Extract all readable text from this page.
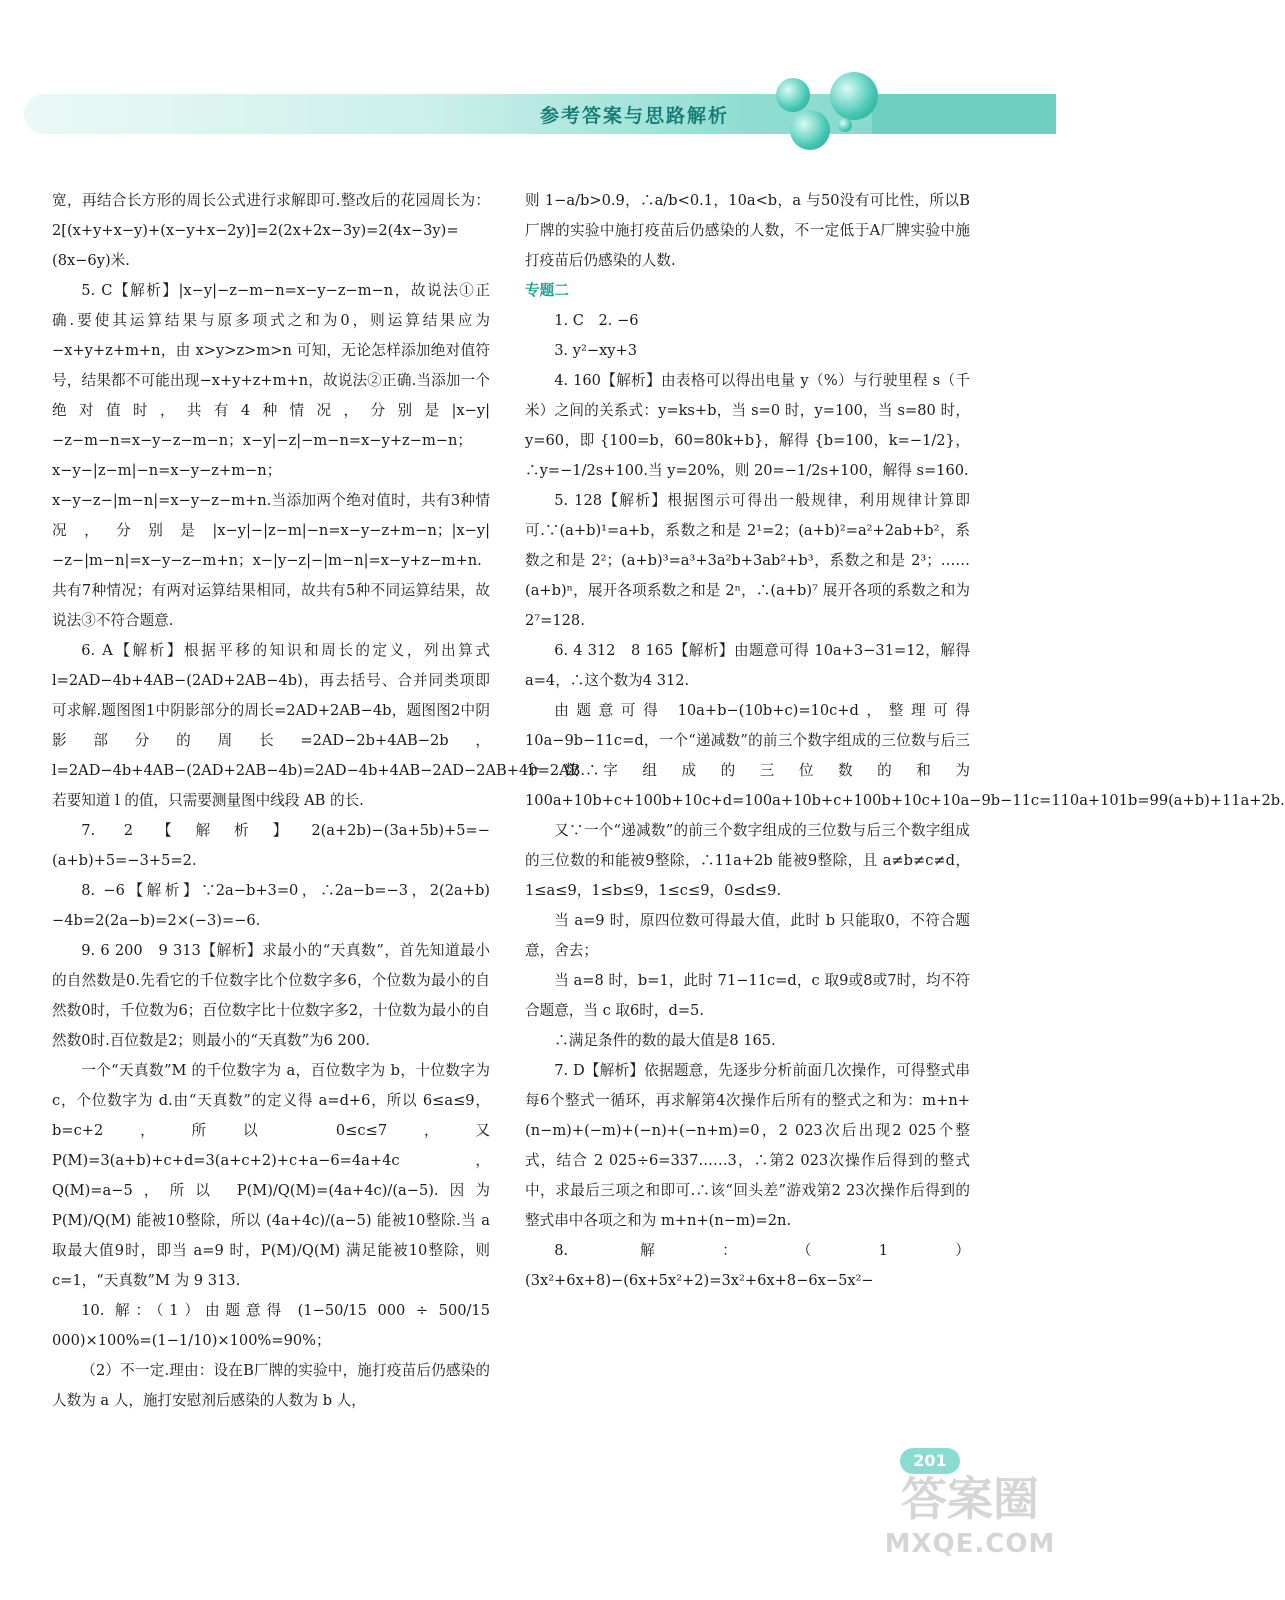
参考答案与思路解析

宽，再结合长方形的周长公式进行求解即可.整改后的花园周长为：2[(x+y+x−y)+(x−y+x−2y)]=2(2x+2x−3y)=2(4x−3y)=(8x−6y)米.

5. C【解析】|x−y|−z−m−n=x−y−z−m−n，故说法①正确.要使其运算结果与原多项式之和为0，则运算结果应为−x+y+z+m+n，由 x>y>z>m>n 可知，无论怎样添加绝对值符号，结果都不可能出现−x+y+z+m+n，故说法②正确.当添加一个绝对值时，共有4种情况，分别是|x−y|−z−m−n=x−y−z−m−n；x−y|−z|−m−n=x−y+z−m−n；x−y−|z−m|−n=x−y−z+m−n；x−y−z−|m−n|=x−y−z−m+n.当添加两个绝对值时，共有3种情况，分别是|x−y|−|z−m|−n=x−y−z+m−n；|x−y|−z−|m−n|=x−y−z−m+n；x−|y−z|−|m−n|=x−y+z−m+n.共有7种情况；有两对运算结果相同，故共有5种不同运算结果，故说法③不符合题意.

6. A【解析】根据平移的知识和周长的定义，列出算式 l=2AD−4b+4AB−(2AD+2AB−4b)，再去括号、合并同类项即可求解.题图图1中阴影部分的周长=2AD+2AB−4b，题图图2中阴影部分的周长=2AD−2b+4AB−2b，l=2AD−4b+4AB−(2AD+2AB−4b)=2AD−4b+4AB−2AD−2AB+4b=2AB.∴若要知道 l 的值，只需要测量图中线段 AB 的长.

7. 2【解析】2(a+2b)−(3a+5b)+5=−(a+b)+5=−3+5=2.

8. −6【解析】∵2a−b+3=0，∴2a−b=−3，2(2a+b)−4b=2(2a−b)=2×(−3)=−6.

9. 6 200　9 313【解析】求最小的“天真数”，首先知道最小的自然数是0.先看它的千位数字比个位数字多6，个位数为最小的自然数0时，千位数为6；百位数字比十位数字多2，十位数为最小的自然数0时.百位数是2；则最小的“天真数”为6 200.

一个“天真数”M 的千位数字为 a，百位数字为 b，十位数字为 c，个位数字为 d.由“天真数”的定义得 a=d+6，所以 6≤a≤9，b=c+2，所以 0≤c≤7，又 P(M)=3(a+b)+c+d=3(a+c+2)+c+a−6=4a+4c，Q(M)=a−5，所以 P(M)/Q(M)=(4a+4c)/(a−5).因为 P(M)/Q(M) 能被10整除，所以 (4a+4c)/(a−5) 能被10整除.当 a 取最大值9时，即当 a=9 时，P(M)/Q(M) 满足能被10整除，则 c=1，“天真数”M 为 9 313.

10. 解：（1）由题意得 (1−50/15 000 ÷ 500/15 000)×100%=(1−1/10)×100%=90%；

（2）不一定.理由：设在B厂牌的实验中，施打疫苗后仍感染的人数为 a 人，施打安慰剂后感染的人数为 b 人，

则 1−a/b>0.9，∴a/b<0.1，10a<b，a 与50没有可比性，所以B厂牌的实验中施打疫苗后仍感染的人数，不一定低于A厂牌实验中施打疫苗后仍感染的人数.

专题二

1. C　2. −6

3. y²−xy+3

4. 160【解析】由表格可以得出电量 y（%）与行驶里程 s（千米）之间的关系式：y=ks+b，当 s=0 时，y=100，当 s=80 时，y=60，即 {100=b，60=80k+b}，解得 {b=100，k=−1/2}，∴y=−1/2s+100.当 y=20%，则 20=−1/2s+100，解得 s=160.

5. 128【解析】根据图示可得出一般规律，利用规律计算即可.∵(a+b)¹=a+b，系数之和是 2¹=2；(a+b)²=a²+2ab+b²，系数之和是 2²；(a+b)³=a³+3a²b+3ab²+b³，系数之和是 2³；……(a+b)ⁿ，展开各项系数之和是 2ⁿ，∴(a+b)⁷ 展开各项的系数之和为 2⁷=128.

6. 4 312　8 165【解析】由题意可得 10a+3−31=12，解得 a=4，∴这个数为4 312.

由题意可得 10a+b−(10b+c)=10c+d，整理可得 10a−9b−11c=d，一个“递减数”的前三个数字组成的三位数与后三个数字组成的三位数的和为 100a+10b+c+100b+10c+d=100a+10b+c+100b+10c+10a−9b−11c=110a+101b=99(a+b)+11a+2b.

又∵一个“递减数”的前三个数字组成的三位数与后三个数字组成的三位数的和能被9整除，∴11a+2b 能被9整除，且 a≠b≠c≠d，1≤a≤9，1≤b≤9，1≤c≤9，0≤d≤9.

当 a=9 时，原四位数可得最大值，此时 b 只能取0，不符合题意，舍去；

当 a=8 时，b=1，此时 71−11c=d，c 取9或8或7时，均不符合题意，当 c 取6时，d=5.

∴满足条件的数的最大值是8 165.

7. D【解析】依据题意，先逐步分析前面几次操作，可得整式串每6个整式一循环，再求解第4次操作后所有的整式之和为：m+n+(n−m)+(−m)+(−n)+(−n+m)=0，2 023次后出现2 025个整式，结合 2 025÷6=337……3，∴第2 023次操作后得到的整式中，求最后三项之和即可.∴该“回头差”游戏第2 23次操作后得到的整式串中各项之和为 m+n+(n−m)=2n.

8. 解：（1）(3x²+6x+8)−(6x+5x²+2)=3x²+6x+8−6x−5x²−

201
答案圈
MXQE.COM
